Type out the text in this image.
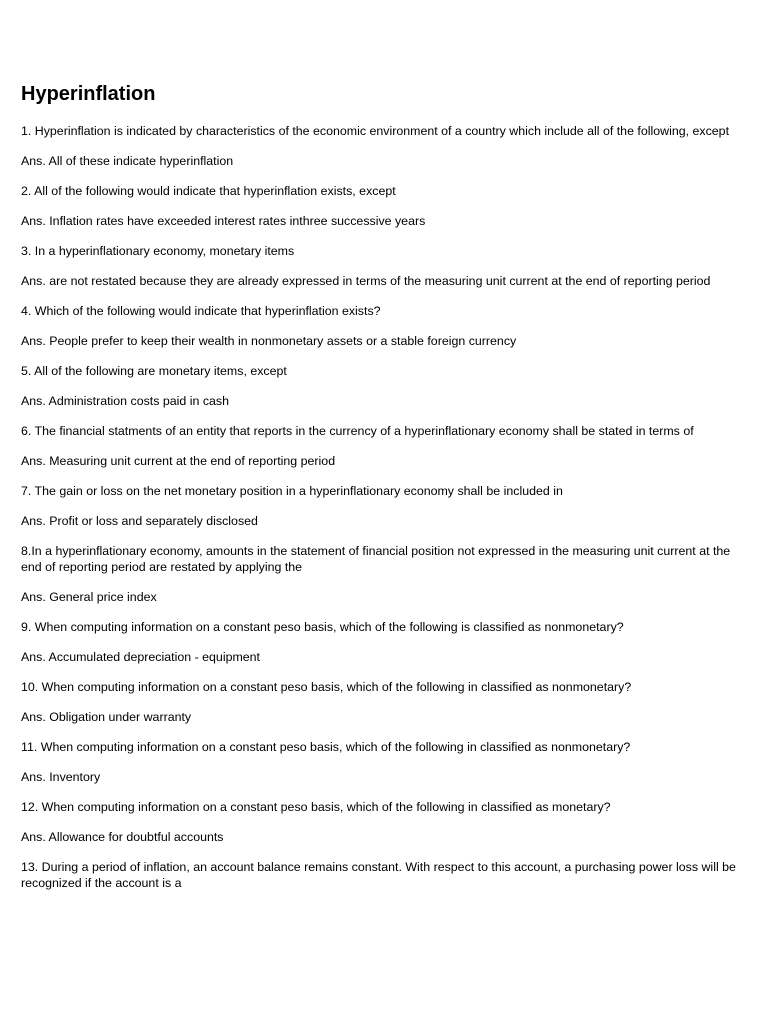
Hyperinflation

1. Hyperinflation is indicated by characteristics of the economic environment of a country which include all of the following, except

Ans. All of these indicate hyperinflation

2. All of the following would indicate that hyperinflation exists, except

Ans. Inflation rates have exceeded interest rates inthree successive years

3. In a hyperinflationary economy, monetary items

Ans. are not restated because they are already expressed in terms of the measuring unit current at the end of reporting period

4. Which of the following would indicate that hyperinflation exists?

Ans. People prefer to keep their wealth in nonmonetary assets or a stable foreign currency

5. All of the following are monetary items, except

Ans. Administration costs paid in cash

6. The financial statments of an entity that reports in the currency of a hyperinflationary economy shall be stated in terms of

Ans. Measuring unit current at the end of reporting period

7. The gain or loss on the net monetary position in a hyperinflationary economy shall be included in

Ans. Profit or loss and separately disclosed

8.In a hyperinflationary economy, amounts in the statement of financial position not expressed in the measuring unit current at the end of reporting period are restated by applying the

Ans. General price index

9. When computing information on a constant peso basis, which of the following is classified as nonmonetary?

Ans. Accumulated depreciation - equipment

10. When computing information on a constant peso basis, which of the following in classified as nonmonetary?

Ans. Obligation under warranty

11. When computing information on a constant peso basis, which of the following in classified as nonmonetary?

Ans. Inventory

12. When computing information on a constant peso basis, which of the following in classified as monetary?

Ans. Allowance for doubtful accounts

13. During a period of inflation, an account balance remains constant. With respect to this account, a purchasing power loss will be recognized if the account is a
